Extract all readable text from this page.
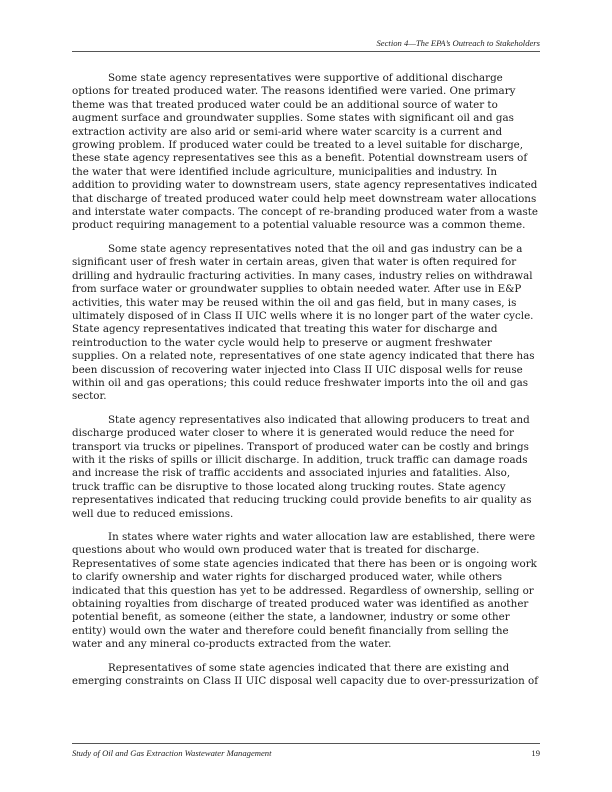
Section 4—The EPA’s Outreach to Stakeholders

Some state agency representatives were supportive of additional discharge options for treated produced water. The reasons identified were varied. One primary theme was that treated produced water could be an additional source of water to augment surface and groundwater supplies. Some states with significant oil and gas extraction activity are also arid or semi-arid where water scarcity is a current and growing problem. If produced water could be treated to a level suitable for discharge, these state agency representatives see this as a benefit. Potential downstream users of the water that were identified include agriculture, municipalities and industry. In addition to providing water to downstream users, state agency representatives indicated that discharge of treated produced water could help meet downstream water allocations and interstate water compacts. The concept of re-branding produced water from a waste product requiring management to a potential valuable resource was a common theme.

Some state agency representatives noted that the oil and gas industry can be a significant user of fresh water in certain areas, given that water is often required for drilling and hydraulic fracturing activities. In many cases, industry relies on withdrawal from surface water or groundwater supplies to obtain needed water. After use in E&P activities, this water may be reused within the oil and gas field, but in many cases, is ultimately disposed of in Class II UIC wells where it is no longer part of the water cycle. State agency representatives indicated that treating this water for discharge and reintroduction to the water cycle would help to preserve or augment freshwater supplies. On a related note, representatives of one state agency indicated that there has been discussion of recovering water injected into Class II UIC disposal wells for reuse within oil and gas operations; this could reduce freshwater imports into the oil and gas sector.

State agency representatives also indicated that allowing producers to treat and discharge produced water closer to where it is generated would reduce the need for transport via trucks or pipelines. Transport of produced water can be costly and brings with it the risks of spills or illicit discharge. In addition, truck traffic can damage roads and increase the risk of traffic accidents and associated injuries and fatalities. Also, truck traffic can be disruptive to those located along trucking routes. State agency representatives indicated that reducing trucking could provide benefits to air quality as well due to reduced emissions.

In states where water rights and water allocation law are established, there were questions about who would own produced water that is treated for discharge. Representatives of some state agencies indicated that there has been or is ongoing work to clarify ownership and water rights for discharged produced water, while others indicated that this question has yet to be addressed. Regardless of ownership, selling or obtaining royalties from discharge of treated produced water was identified as another potential benefit, as someone (either the state, a landowner, industry or some other entity) would own the water and therefore could benefit financially from selling the water and any mineral co-products extracted from the water.

Representatives of some state agencies indicated that there are existing and emerging constraints on Class II UIC disposal well capacity due to over-pressurization of

Study of Oil and Gas Extraction Wastewater Management	19
